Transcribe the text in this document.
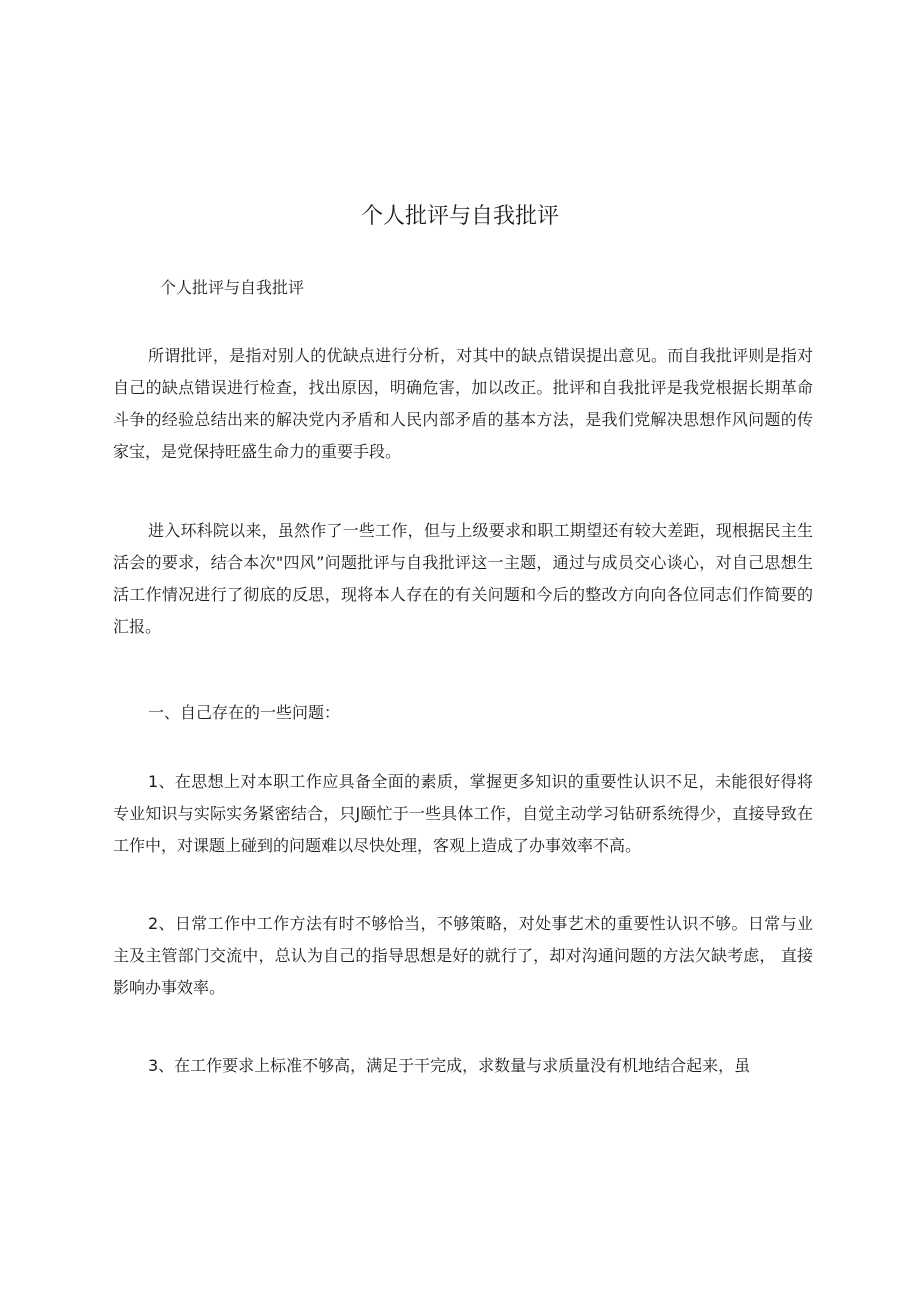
个人批评与自我批评

个人批评与自我批评

所谓批评，是指对别人的优缺点进行分析，对其中的缺点错误提出意见。而自我批评则是指对自己的缺点错误进行检查，找出原因，明确危害，加以改正。批评和自我批评是我党根据长期革命斗争的经验总结出来的解决党内矛盾和人民内部矛盾的基本方法，是我们党解决思想作风问题的传家宝，是党保持旺盛生命力的重要手段。

进入环科院以来，虽然作了一些工作，但与上级要求和职工期望还有较大差距，现根据民主生活会的要求，结合本次"四风”问题批评与自我批评这一主题，通过与成员交心谈心，对自己思想生活工作情况进行了彻底的反思，现将本人存在的有关问题和今后的整改方向向各位同志们作简要的汇报。

一、自己存在的一些问题：

1、在思想上对本职工作应具备全面的素质，掌握更多知识的重要性认识不足，未能很好得将专业知识与实际实务紧密结合，只J颐忙于一些具体工作，自觉主动学习钻研系统得少，直接导致在工作中，对课题上碰到的问题难以尽快处理，客观上造成了办事效率不高。

2、日常工作中工作方法有时不够恰当，不够策略，对处事艺术的重要性认识不够。日常与业主及主管部门交流中，总认为自己的指导思想是好的就行了，却对沟通问题的方法欠缺考虑， 直接影响办事效率。

3、在工作要求上标准不够高，满足于干完成，求数量与求质量没有机地结合起来，虽
